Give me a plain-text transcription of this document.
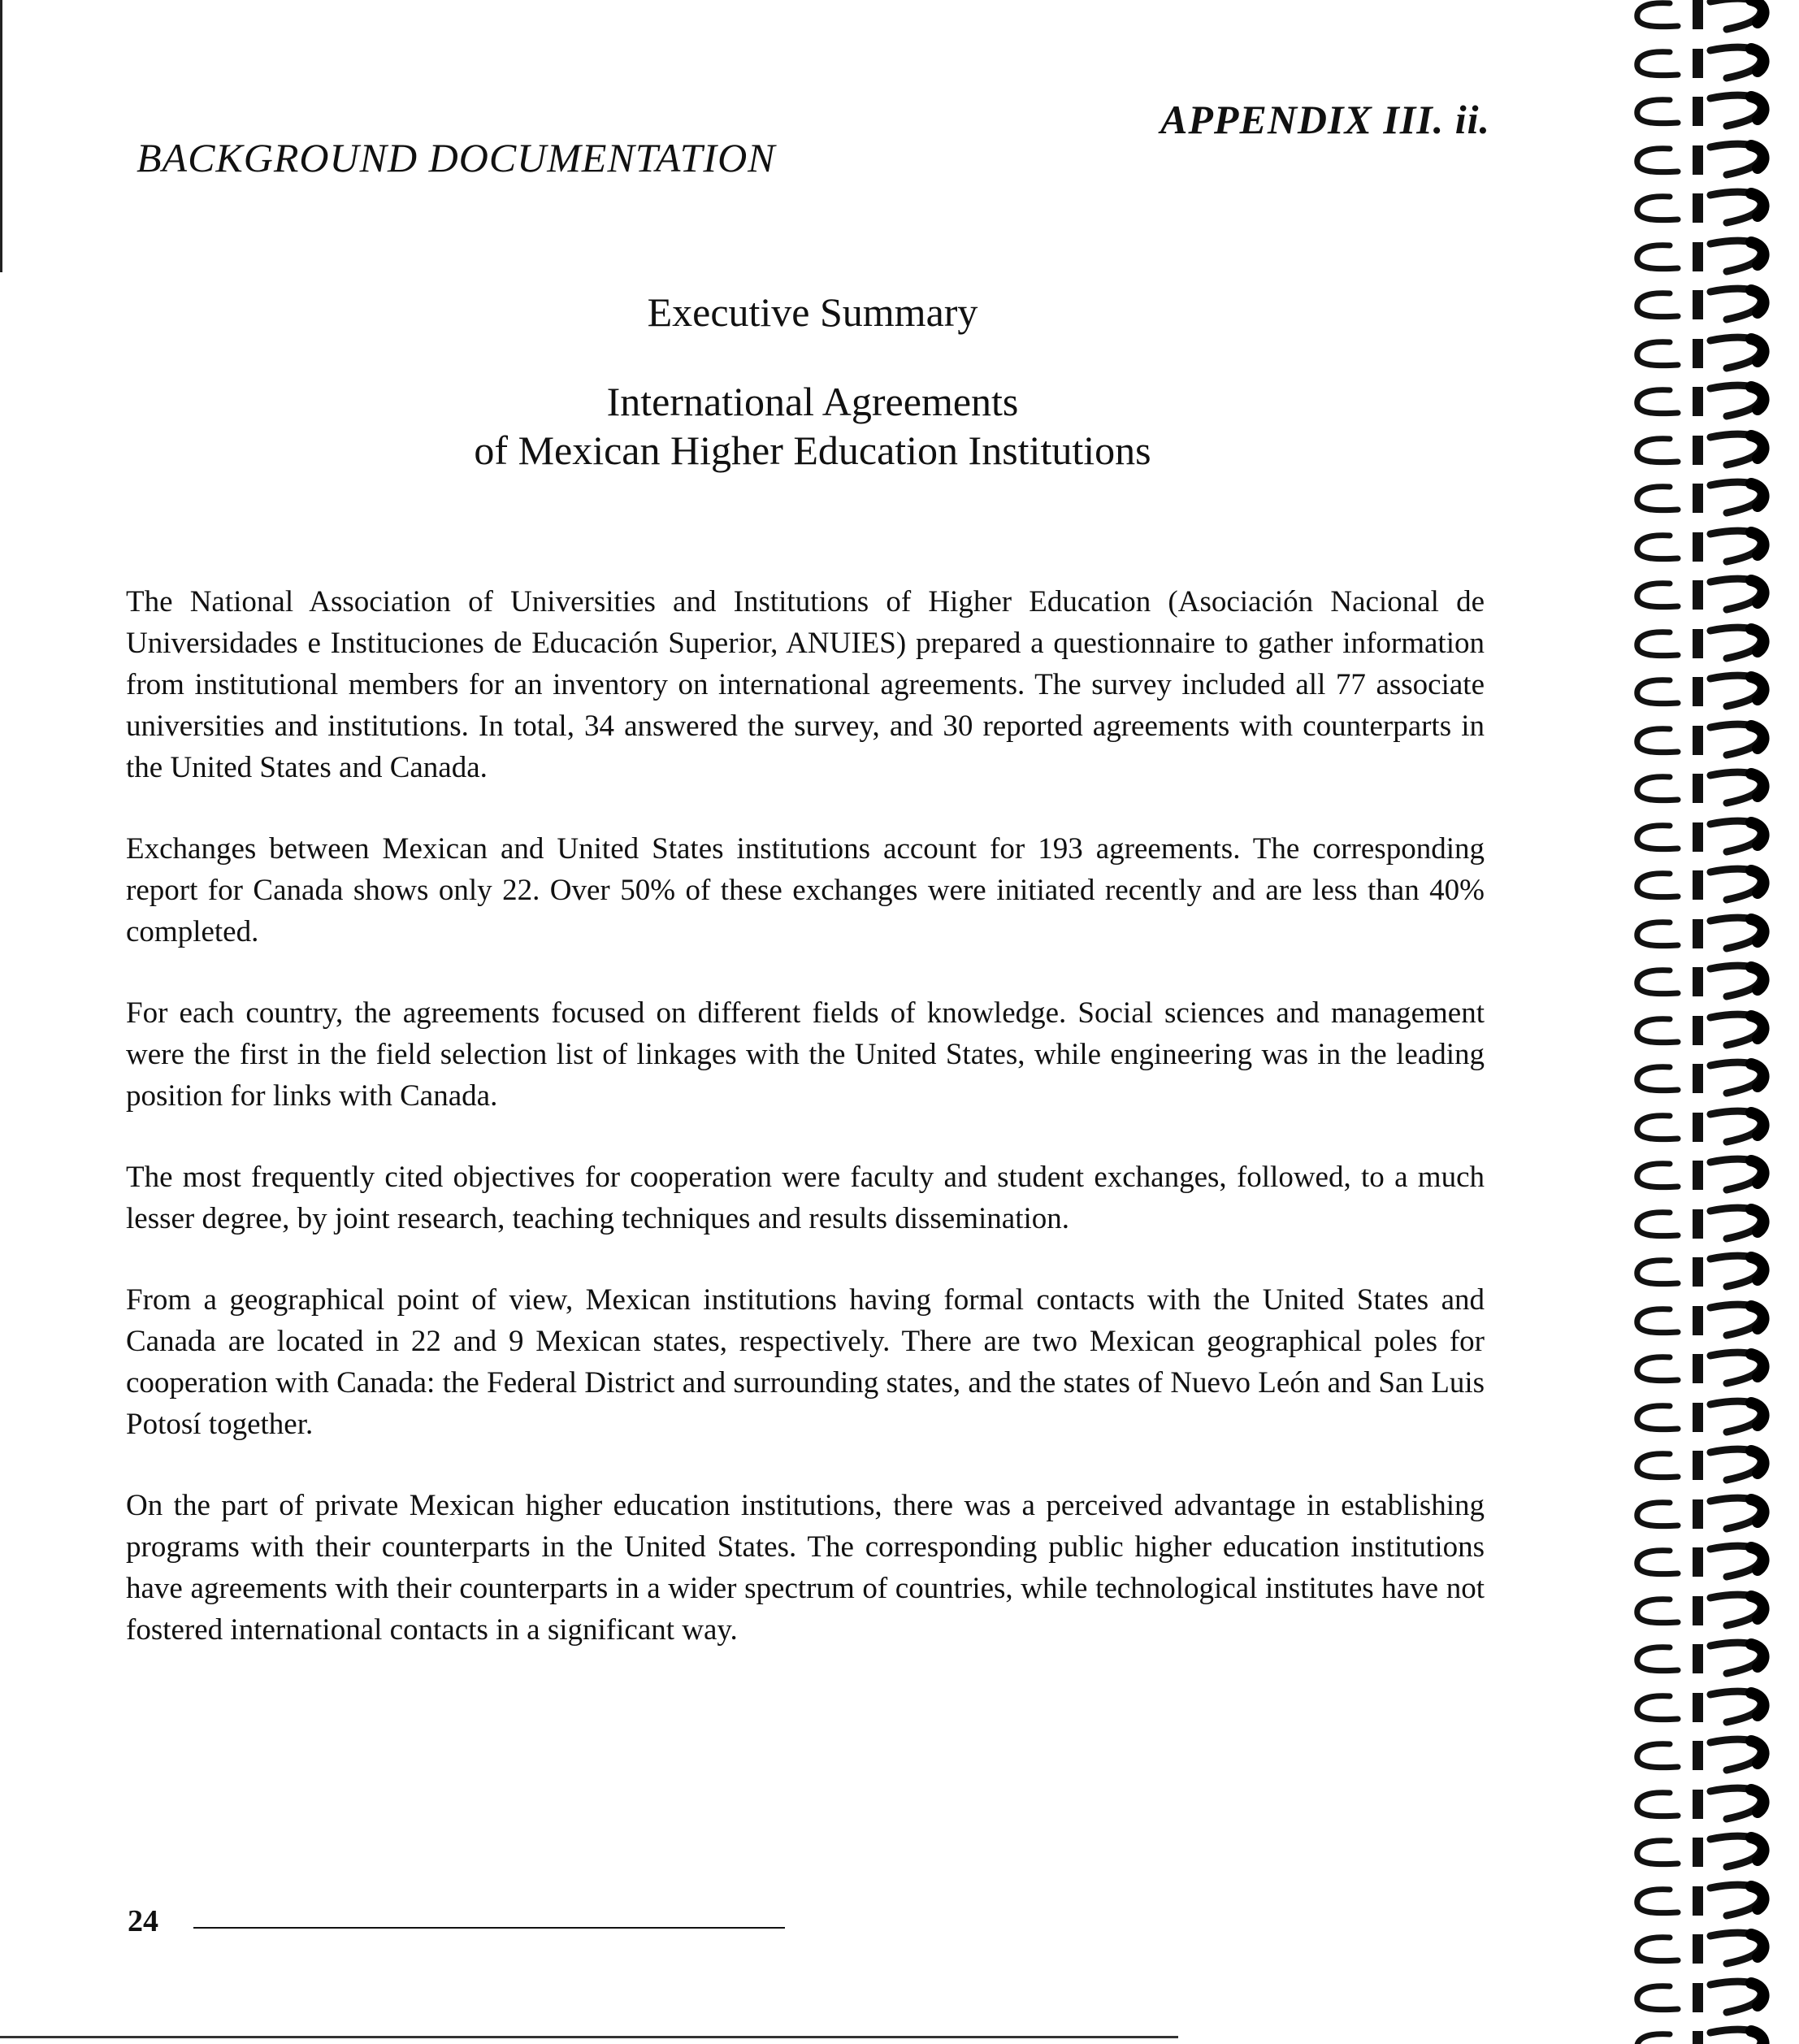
BACKGROUND DOCUMENTATION
APPENDIX III. ii.
Executive Summary
International Agreements
of Mexican Higher Education Institutions

The National Association of Universities and Institutions of Higher Education (Asociación Nacional de Universidades e Instituciones de Educación Superior, ANUIES) prepared a questionnaire to gather information from institutional members for an inventory on international agreements. The survey included all 77 associate universities and institutions. In total, 34 answered the survey, and 30 reported agreements with counterparts in the United States and Canada.

Exchanges between Mexican and United States institutions account for 193 agreements. The corresponding report for Canada shows only 22. Over 50% of these exchanges were initiated recently and are less than 40% completed.

For each country, the agreements focused on different fields of knowledge. Social sciences and management were the first in the field selection list of linkages with the United States, while engineering was in the leading position for links with Canada.

The most frequently cited objectives for cooperation were faculty and student exchanges, followed, to a much lesser degree, by joint research, teaching techniques and results dissemination.

From a geographical point of view, Mexican institutions having formal contacts with the United States and Canada are located in 22 and 9 Mexican states, respectively. There are two Mexican geographical poles for cooperation with Canada: the Federal District and surrounding states, and the states of Nuevo León and San Luis Potosí together.

On the part of private Mexican higher education institutions, there was a perceived advantage in establishing programs with their counterparts in the United States. The corresponding public higher education institutions have agreements with their counterparts in a wider spectrum of countries, while technological institutes have not fostered international contacts in a significant way.

24
